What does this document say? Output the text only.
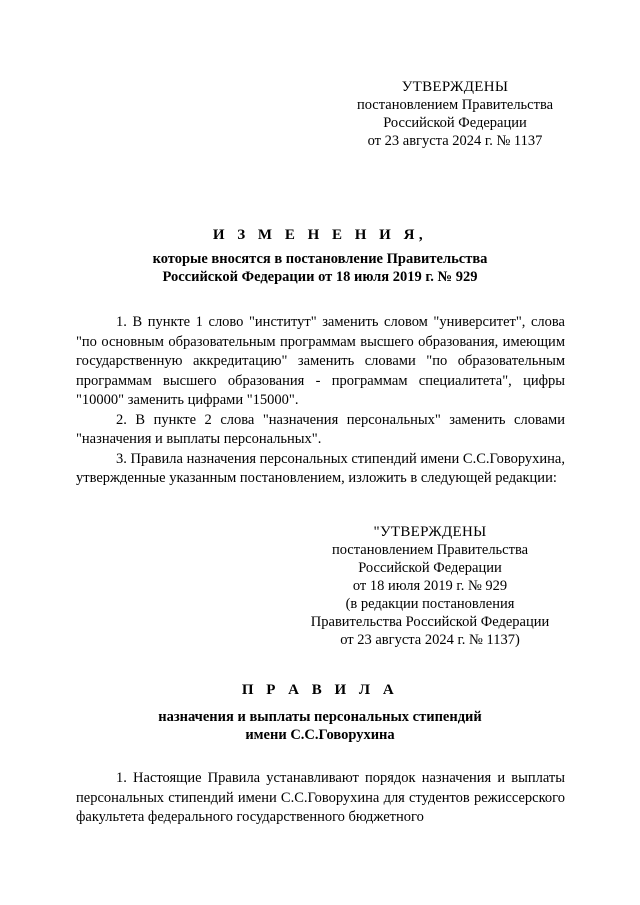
УТВЕРЖДЕНЫ
постановлением Правительства
Российской Федерации
от 23 августа 2024 г. № 1137
И З М Е Н Е Н И Я,
которые вносятся в постановление Правительства
Российской Федерации от 18 июля 2019 г. № 929

1. В пункте 1 слово "институт" заменить словом "университет", слова "по основным образовательным программам высшего образования, имеющим государственную аккредитацию" заменить словами "по образовательным программам высшего образования - программам специалитета", цифры "10000" заменить цифрами "15000".

2. В пункте 2 слова "назначения персональных" заменить словами "назначения и выплаты персональных".

3. Правила назначения персональных стипендий имени С.С.Говорухина, утвержденные указанным постановлением, изложить в следующей редакции:

"УТВЕРЖДЕНЫ
постановлением Правительства
Российской Федерации
от 18 июля 2019 г. № 929
(в редакции постановления
Правительства Российской Федерации
от 23 августа 2024 г. № 1137)
П Р А В И Л А
назначения и выплаты персональных стипендий
имени С.С.Говорухина

1. Настоящие Правила устанавливают порядок назначения и выплаты персональных стипендий имени С.С.Говорухина для студентов режиссерского факультета федерального государственного бюджетного
